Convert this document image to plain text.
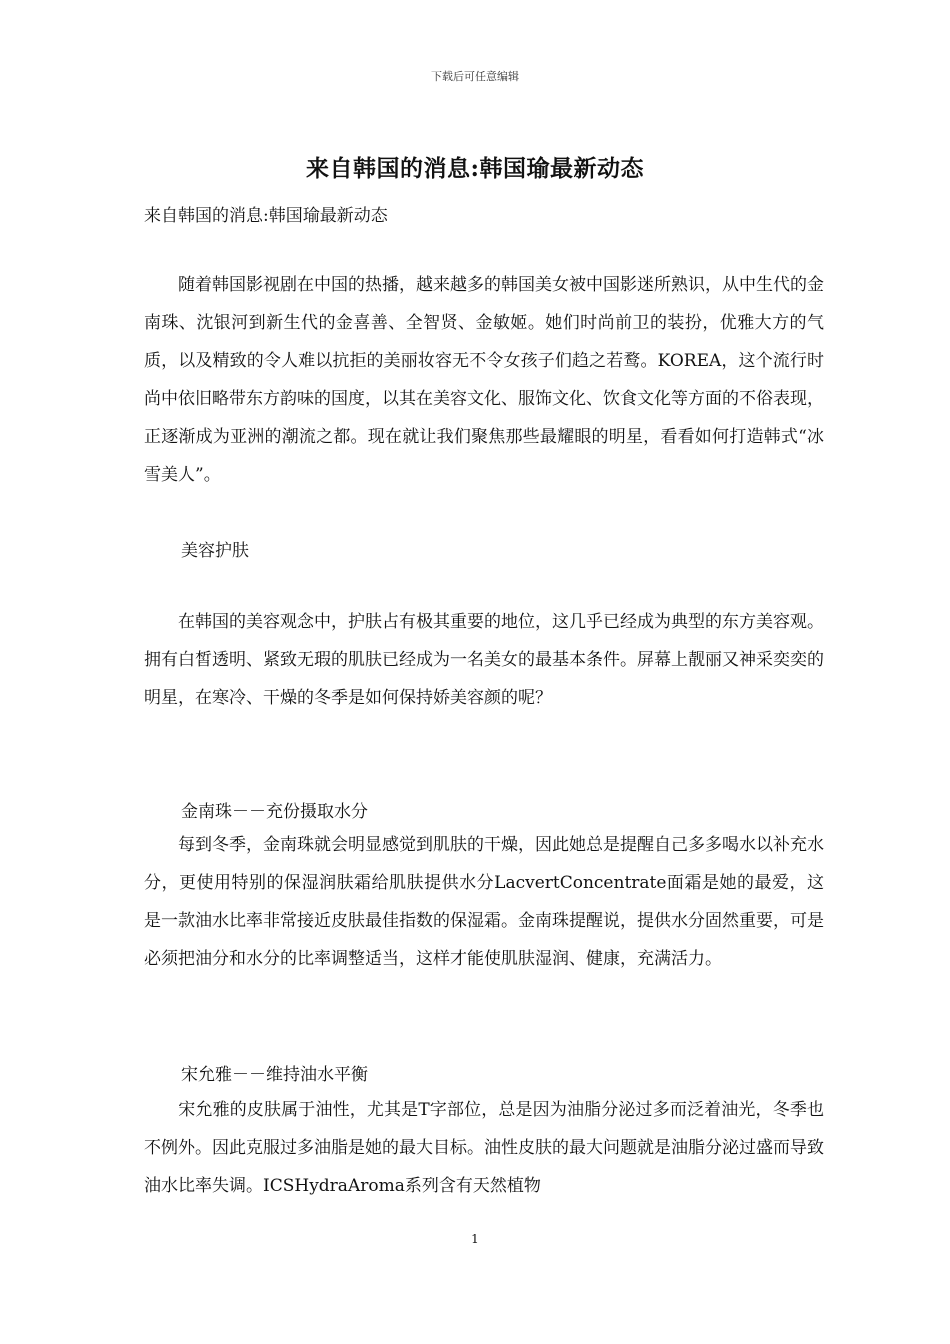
下载后可任意编辑
来自韩国的消息:韩国瑜最新动态
来自韩国的消息:韩国瑜最新动态
　　随着韩国影视剧在中国的热播，越来越多的韩国美女被中国影迷所熟识，从中生代的金南珠、沈银河到新生代的金喜善、全智贤、金敏姬。她们时尚前卫的装扮，优雅大方的气质，以及精致的令人难以抗拒的美丽妆容无不令女孩子们趋之若鹜。KOREA，这个流行时尚中依旧略带东方韵味的国度，以其在美容文化、服饰文化、饮食文化等方面的不俗表现，正逐渐成为亚洲的潮流之都。现在就让我们聚焦那些最耀眼的明星，看看如何打造韩式“冰雪美人”。
美容护肤
　　在韩国的美容观念中，护肤占有极其重要的地位，这几乎已经成为典型的东方美容观。拥有白皙透明、紧致无瑕的肌肤已经成为一名美女的最基本条件。屏幕上靓丽又神采奕奕的明星，在寒冷、干燥的冬季是如何保持娇美容颜的呢？
金南珠－－充份摄取水分
　　每到冬季，金南珠就会明显感觉到肌肤的干燥，因此她总是提醒自己多多喝水以补充水分，更使用特别的保湿润肤霜给肌肤提供水分LacvertConcentrate面霜是她的最爱，这是一款油水比率非常接近皮肤最佳指数的保湿霜。金南珠提醒说，提供水分固然重要，可是必须把油分和水分的比率调整适当，这样才能使肌肤湿润、健康，充满活力。
宋允雅－－维持油水平衡
　　宋允雅的皮肤属于油性，尤其是T字部位，总是因为油脂分泌过多而泛着油光，冬季也不例外。因此克服过多油脂是她的最大目标。油性皮肤的最大问题就是油脂分泌过盛而导致油水比率失调。ICSHydraAroma系列含有天然植物
1
